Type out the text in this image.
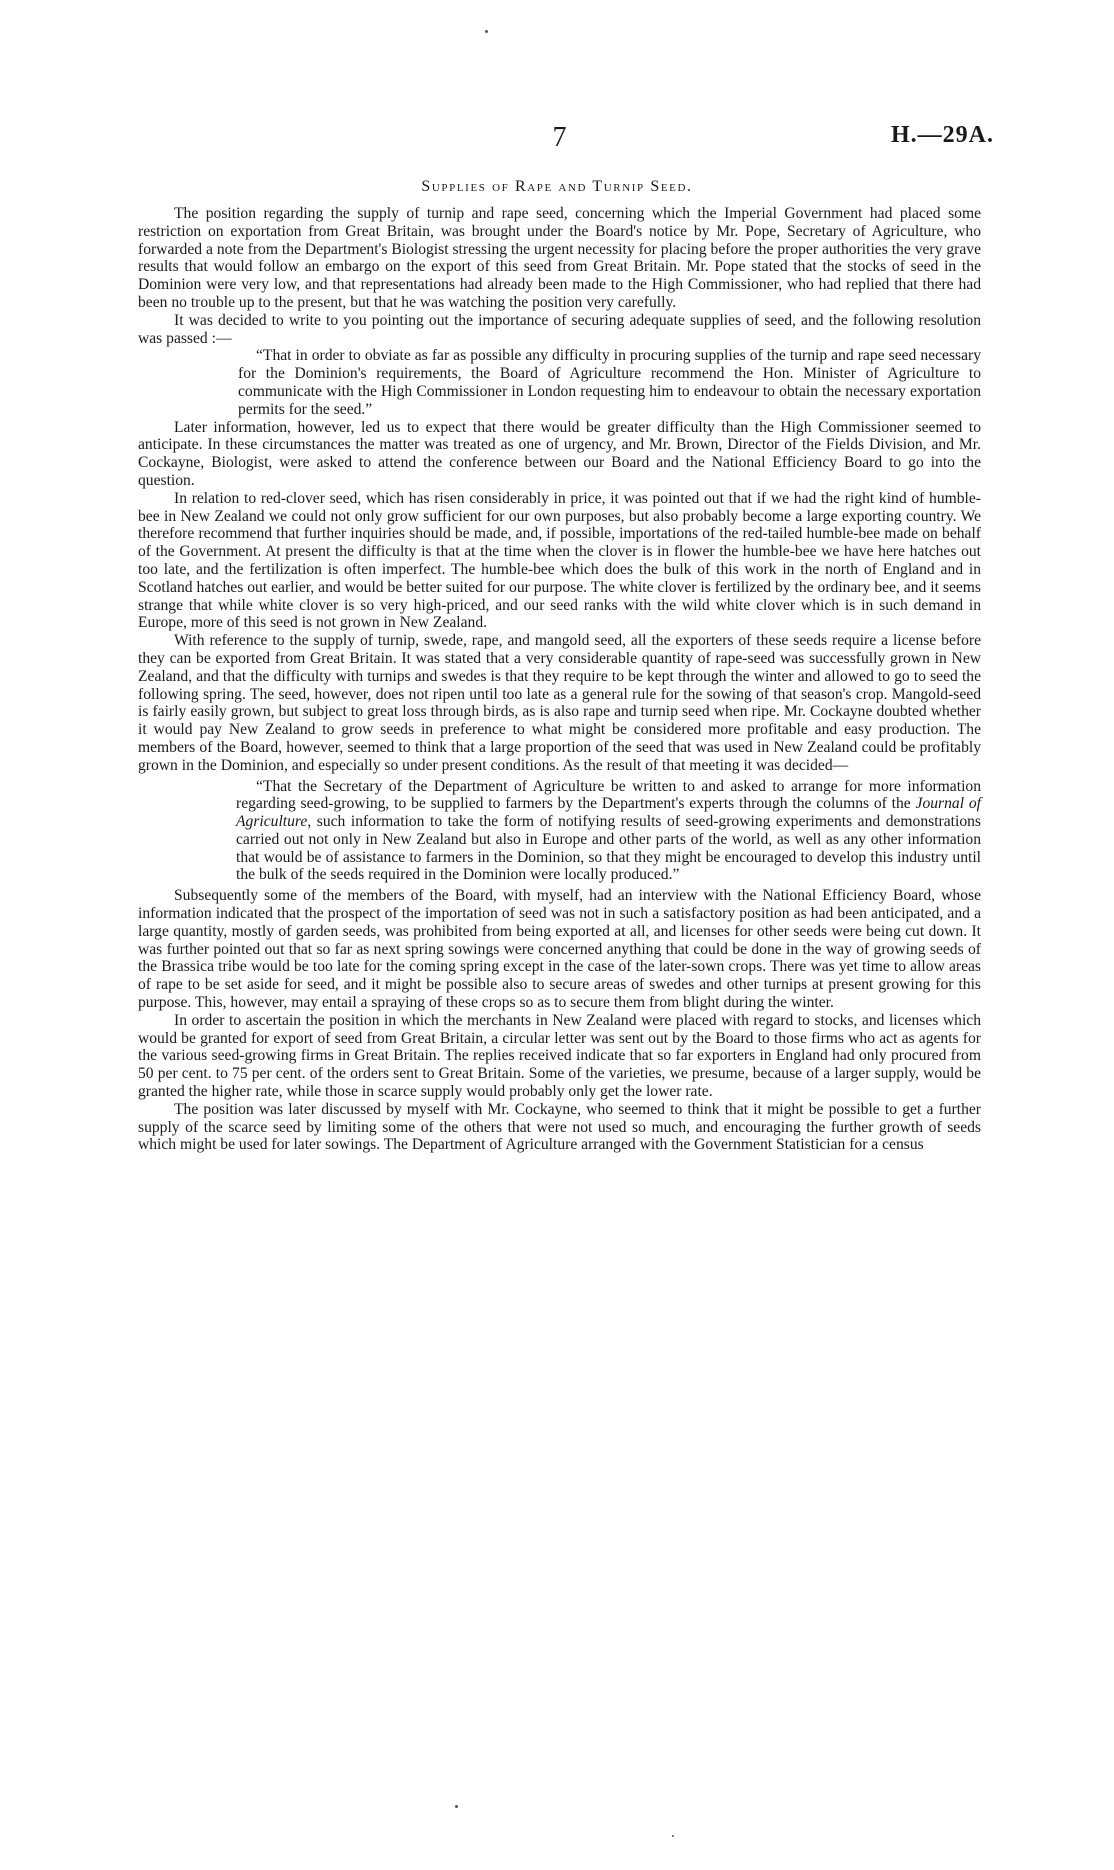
7	H.—29A.
Supplies of Rape and Turnip Seed.

The position regarding the supply of turnip and rape seed, concerning which the Imperial Government had placed some restriction on exportation from Great Britain, was brought under the Board's notice by Mr. Pope, Secretary of Agriculture, who forwarded a note from the Department's Biologist stressing the urgent necessity for placing before the proper authorities the very grave results that would follow an embargo on the export of this seed from Great Britain. Mr. Pope stated that the stocks of seed in the Dominion were very low, and that representations had already been made to the High Commissioner, who had replied that there had been no trouble up to the present, but that he was watching the position very carefully.

It was decided to write to you pointing out the importance of securing adequate supplies of seed, and the following resolution was passed :—

“That in order to obviate as far as possible any difficulty in procuring supplies of the turnip and rape seed necessary for the Dominion's requirements, the Board of Agriculture recommend the Hon. Minister of Agriculture to communicate with the High Commissioner in London requesting him to endeavour to obtain the necessary exportation permits for the seed.”

Later information, however, led us to expect that there would be greater difficulty than the High Commissioner seemed to anticipate. In these circumstances the matter was treated as one of urgency, and Mr. Brown, Director of the Fields Division, and Mr. Cockayne, Biologist, were asked to attend the conference between our Board and the National Efficiency Board to go into the question.

In relation to red-clover seed, which has risen considerably in price, it was pointed out that if we had the right kind of humble-bee in New Zealand we could not only grow sufficient for our own purposes, but also probably become a large exporting country. We therefore recommend that further inquiries should be made, and, if possible, importations of the red-tailed humble-bee made on behalf of the Government. At present the difficulty is that at the time when the clover is in flower the humble-bee we have here hatches out too late, and the fertilization is often imperfect. The humble-bee which does the bulk of this work in the north of England and in Scotland hatches out earlier, and would be better suited for our purpose. The white clover is fertilized by the ordinary bee, and it seems strange that while white clover is so very high-priced, and our seed ranks with the wild white clover which is in such demand in Europe, more of this seed is not grown in New Zealand.

With reference to the supply of turnip, swede, rape, and mangold seed, all the exporters of these seeds require a license before they can be exported from Great Britain. It was stated that a very considerable quantity of rape-seed was successfully grown in New Zealand, and that the difficulty with turnips and swedes is that they require to be kept through the winter and allowed to go to seed the following spring. The seed, however, does not ripen until too late as a general rule for the sowing of that season's crop. Mangold-seed is fairly easily grown, but subject to great loss through birds, as is also rape and turnip seed when ripe. Mr. Cockayne doubted whether it would pay New Zealand to grow seeds in preference to what might be considered more profitable and easy production. The members of the Board, however, seemed to think that a large proportion of the seed that was used in New Zealand could be profitably grown in the Dominion, and especially so under present conditions. As the result of that meeting it was decided—

“That the Secretary of the Department of Agriculture be written to and asked to arrange for more information regarding seed-growing, to be supplied to farmers by the Department's experts through the columns of the Journal of Agriculture, such information to take the form of notifying results of seed-growing experiments and demonstrations carried out not only in New Zealand but also in Europe and other parts of the world, as well as any other information that would be of assistance to farmers in the Dominion, so that they might be encouraged to develop this industry until the bulk of the seeds required in the Dominion were locally produced.”

Subsequently some of the members of the Board, with myself, had an interview with the National Efficiency Board, whose information indicated that the prospect of the importation of seed was not in such a satisfactory position as had been anticipated, and a large quantity, mostly of garden seeds, was prohibited from being exported at all, and licenses for other seeds were being cut down. It was further pointed out that so far as next spring sowings were concerned anything that could be done in the way of growing seeds of the Brassica tribe would be too late for the coming spring except in the case of the later-sown crops. There was yet time to allow areas of rape to be set aside for seed, and it might be possible also to secure areas of swedes and other turnips at present growing for this purpose. This, however, may entail a spraying of these crops so as to secure them from blight during the winter.

In order to ascertain the position in which the merchants in New Zealand were placed with regard to stocks, and licenses which would be granted for export of seed from Great Britain, a circular letter was sent out by the Board to those firms who act as agents for the various seed-growing firms in Great Britain. The replies received indicate that so far exporters in England had only procured from 50 per cent. to 75 per cent. of the orders sent to Great Britain. Some of the varieties, we presume, because of a larger supply, would be granted the higher rate, while those in scarce supply would probably only get the lower rate.

The position was later discussed by myself with Mr. Cockayne, who seemed to think that it might be possible to get a further supply of the scarce seed by limiting some of the others that were not used so much, and encouraging the further growth of seeds which might be used for later sowings. The Department of Agriculture arranged with the Government Statistician for a census
